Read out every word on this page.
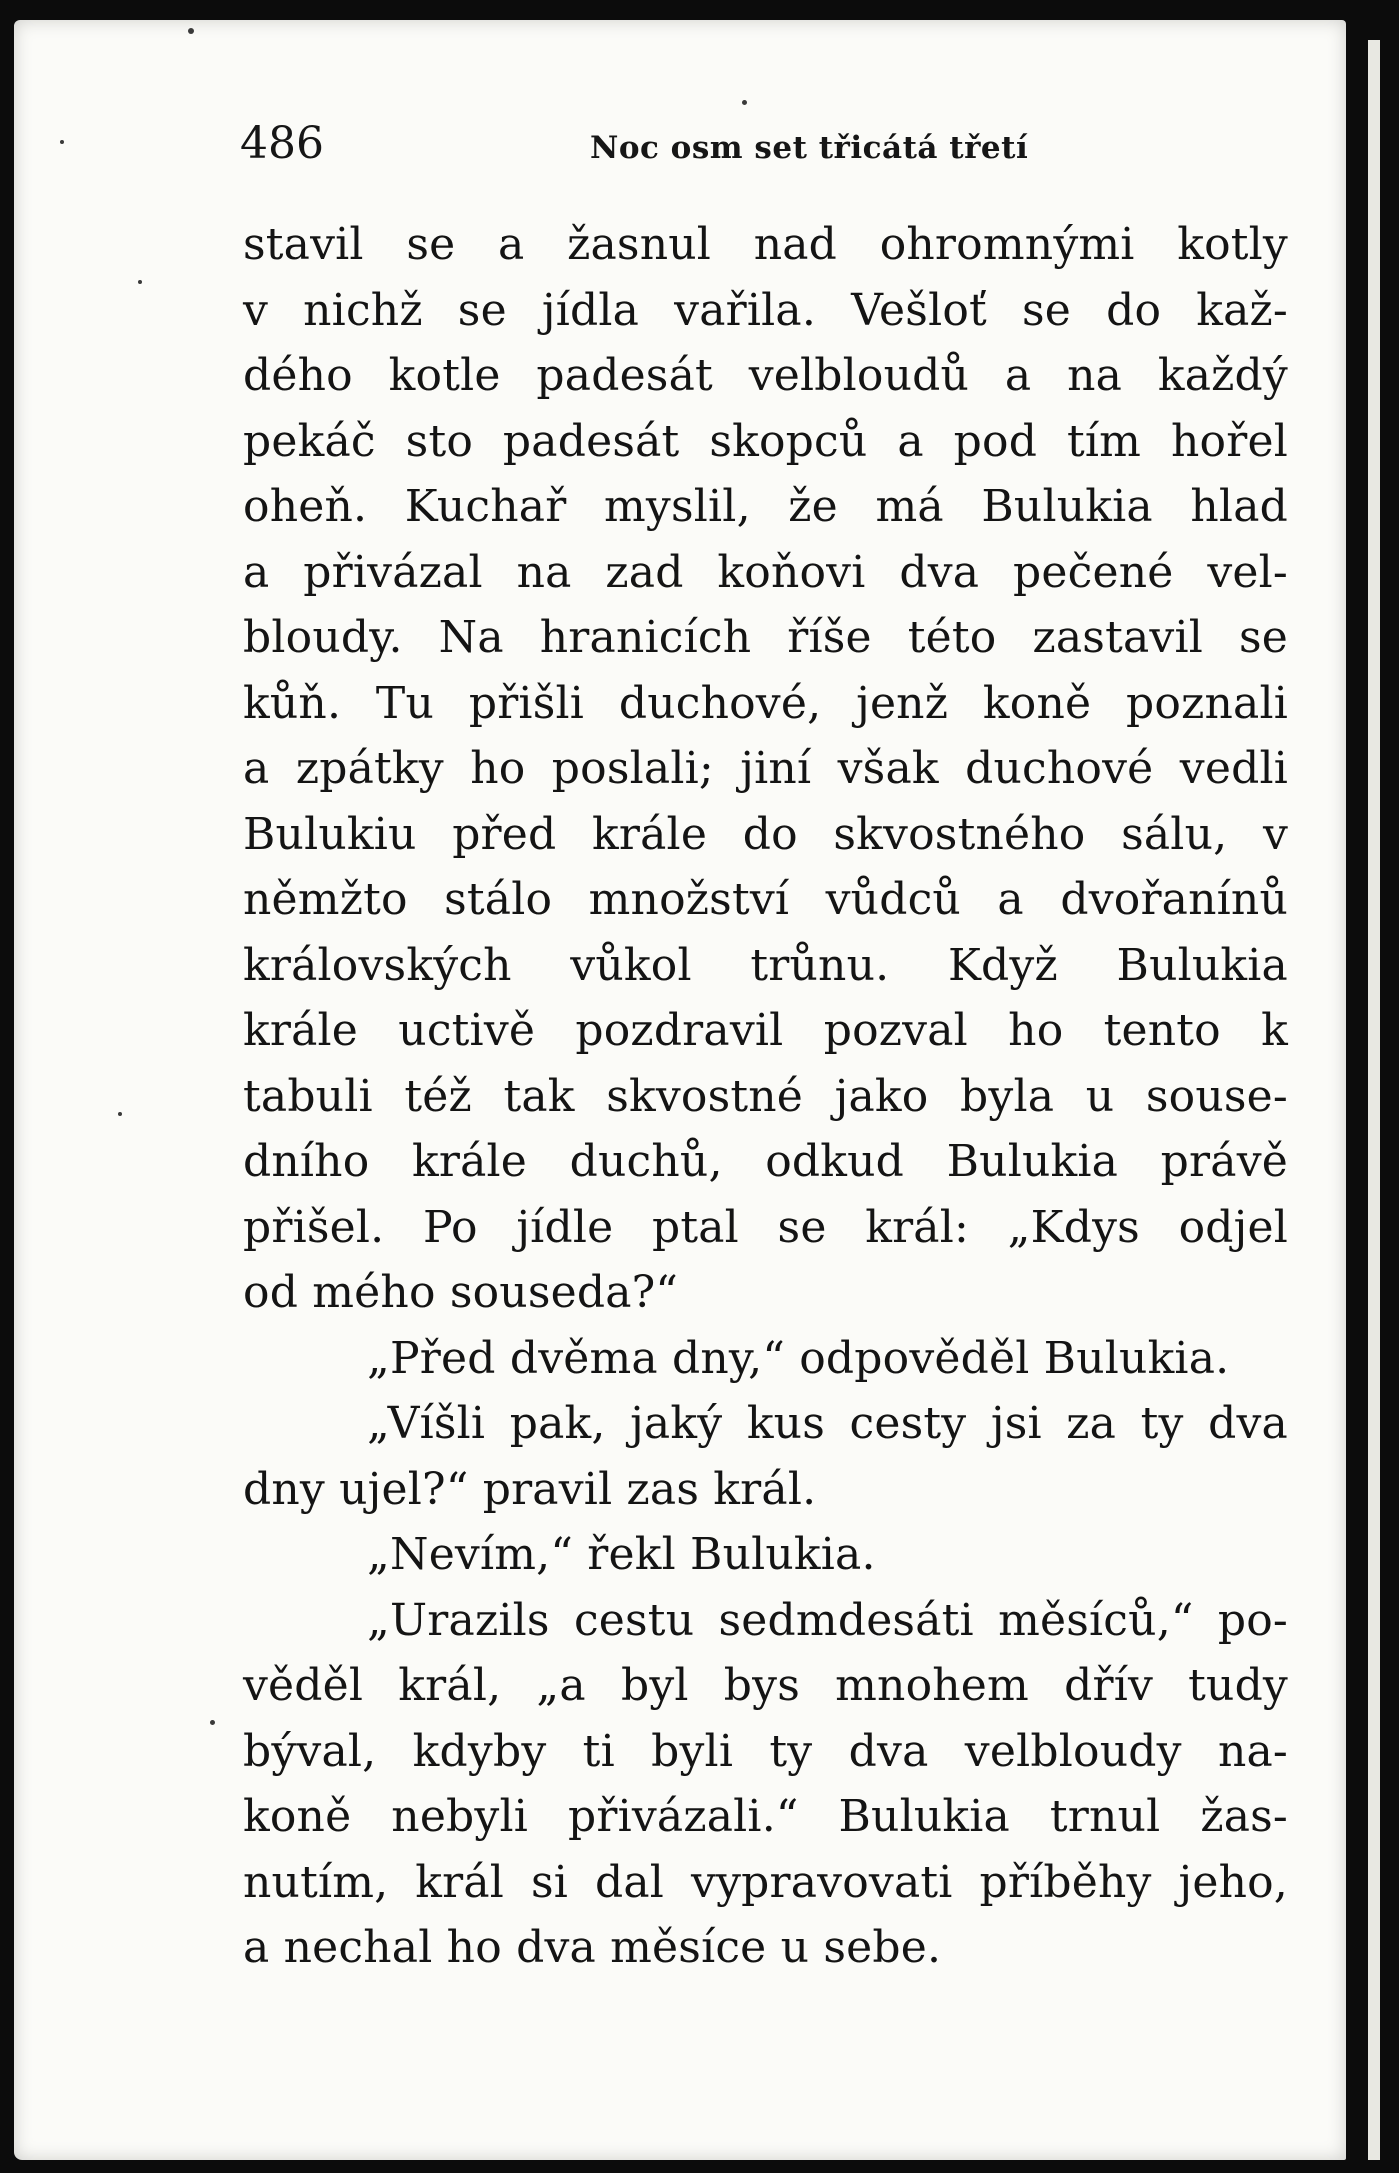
486	Noc osm set třicátá třetí
stavil se a žasnul nad ohromnými kotly
v nichž se jídla vařila. Vešloť se do kaž-
dého kotle padesát velbloudů a na každý
pekáč sto padesát skopců a pod tím hořel
oheň. Kuchař myslil, že má Bulukia hlad
a přivázal na zad koňovi dva pečené vel-
bloudy. Na hranicích říše této zastavil se
kůň. Tu přišli duchové, jenž koně poznali
a zpátky ho poslali; jiní však duchové vedli
Bulukiu před krále do skvostného sálu, v
němžto stálo množství vůdců a dvořanínů
královských vůkol trůnu. Když Bulukia
krále uctivě pozdravil pozval ho tento k
tabuli též tak skvostné jako byla u souse-
dního krále duchů, odkud Bulukia právě
přišel. Po jídle ptal se král: „Kdys odjel
od mého souseda?“
„Před dvěma dny,“ odpověděl Bulukia.
„Víšli pak, jaký kus cesty jsi za ty dva
dny ujel?“ pravil zas král.
„Nevím,“ řekl Bulukia.
„Urazils cestu sedmdesáti měsíců,“ po-
věděl král, „a byl bys mnohem dřív tudy
býval, kdyby ti byli ty dva velbloudy na-
koně nebyli přivázali.“ Bulukia trnul žas-
nutím, král si dal vypravovati příběhy jeho,
a nechal ho dva měsíce u sebe.
